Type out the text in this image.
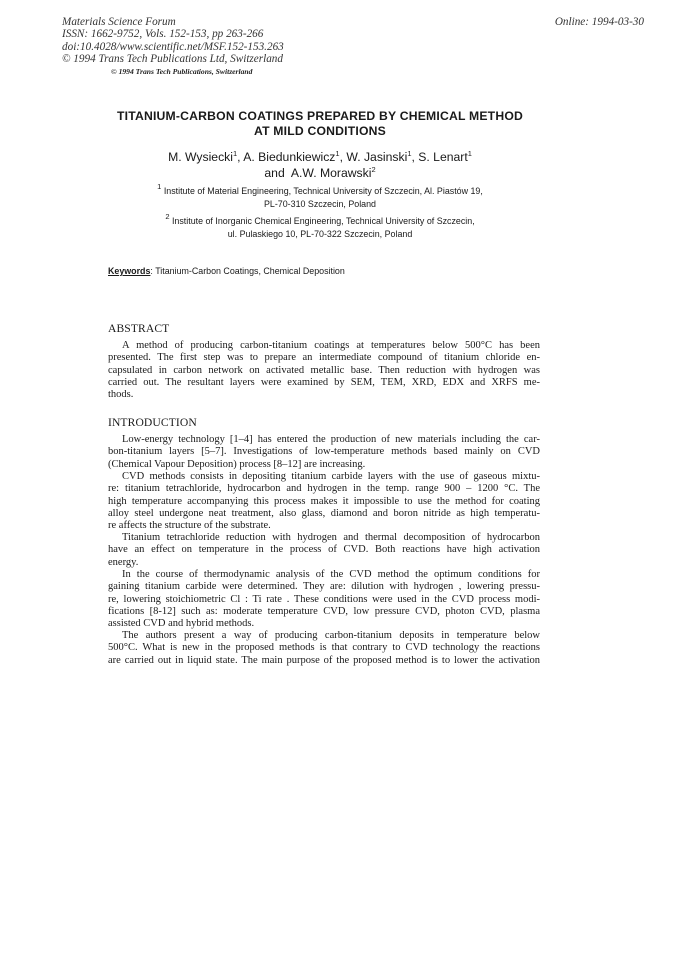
Materials Science Forum
ISSN: 1662-9752, Vols. 152-153, pp 263-266
doi:10.4028/www.scientific.net/MSF.152-153.263
© 1994 Trans Tech Publications Ltd, Switzerland
Online: 1994-03-30
© 1994 Trans Tech Publications, Switzerland
TITANIUM-CARBON COATINGS PREPARED BY CHEMICAL METHOD
AT MILD CONDITIONS
M. Wysiecki$^1$, A. Biedunkiewicz$^1$, W. Jasinski$^1$, S. Lenart$^1$
and A.W. Morawski$^2$
$^1$ Institute of Material Engineering, Technical University of Szczecin, Al. Piastów 19,
PL-70-310 Szczecin, Poland
$^2$ Institute of Inorganic Chemical Engineering, Technical University of Szczecin,
ul. Pulaskiego 10, PL-70-322 Szczecin, Poland
Keywords: Titanium-Carbon Coatings, Chemical Deposition
ABSTRACT
A method of producing carbon-titanium coatings at temperatures below 500°C has been
presented. The first step was to prepare an intermediate compound of titanium chloride en-
capsulated in carbon network on activated metallic base. Then reduction with hydrogen was
carried out. The resultant layers were examined by SEM, TEM, XRD, EDX and XRFS me-
thods.
INTRODUCTION
Low-energy technology [1–4] has entered the production of new materials including the car-
bon-titanium layers [5–7]. Investigations of low-temperature methods based mainly on CVD
(Chemical Vapour Deposition) process [8–12] are increasing.
CVD methods consists in depositing titanium carbide layers with the use of gaseous mixtu-
re: titanium tetrachloride, hydrocarbon and hydrogen in the temp. range 900 – 1200 °C. The
high temperature accompanying this process makes it impossible to use the method for coating
alloy steel undergone neat treatment, also glass, diamond and boron nitride as high temperatu-
re affects the structure of the substrate.
Titanium tetrachloride reduction with hydrogen and thermal decomposition of hydrocarbon
have an effect on temperature in the process of CVD. Both reactions have high activation
energy.
In the course of thermodynamic analysis of the CVD method the optimum conditions for
gaining titanium carbide were determined. They are: dilution with hydrogen , lowering pressu-
re, lowering stoichiometric Cl : Ti rate . These conditions were used in the CVD process modi-
fications [8-12] such as: moderate temperature CVD, low pressure CVD, photon CVD, plasma
assisted CVD and hybrid methods.
The authors present a way of producing carbon-titanium deposits in temperature below
500°C. What is new in the proposed methods is that contrary to CVD technology the reactions
are carried out in liquid state. The main purpose of the proposed method is to lower the activation
